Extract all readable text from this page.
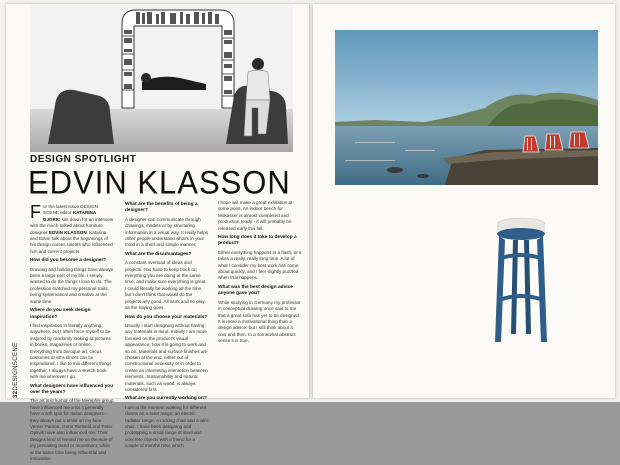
DESIGN SPOTLIGHT
EDVIN KLASSON

For the latest issue DESIGN SCENE editor KATARINA DJORIC sits down for an interview with the much talked about furniture designer EDVIN KLASSON. Katarina and Edvin talk about the beginnings of his design career, talents who influenced him and current projects.

How did you become a designer?

Drawing and building things have always been a large part of my life. I simply wanted to do the things I love to do. The profession matched my personal traits, being systematical and creative at the same time.

Where do you seek design inspiration?

I find inspiration in literally anything, anywhere, but I often force myself to be inspired by randomly looking at pictures in books, magazines or online. Everything from baroque art, circus costumes or 80's diners can be inspirational. I like to mix different things together. I always have a sketch book with me wherever I go.

What designers have influenced you over the years?

The art and humor of the Memphis group have influenced me a lot. I generally have a soft spot for Italian designers - they always put a smile on my face. Verner Panton, Gerrit Rietveld and Peter Opsvik have also influenced me. Their designs kind of remind me on the side of my prevailing trend or movement, while at the same time being influential and innovative.

What are the benefits of being a designer?

A designer can communicate through drawings, models or by structuring information in a visual way. It really helps other people understand what's in your mind in a short and simple manner.

What are the disadvantages?

A constant overload of ideas and projects. You have to keep track on everything you are doing at the same time, and make sure everything is great. I could literally be working all the time, but I don't think that would do the projects any good. All work and no play, as the saying goes.

How do you choose your materials?

Usually I start designing without having any materials in mind. Initially I am more focused on the product's visual appearance, how it is going to work and so on. Materials and surface finishes are chosen at the end, either out of constructional necessity or in order to create an interesting interaction between elements. Sustainability and natural materials, such as wood, is always considered first.

What are you currently working on?

I am at the moment working for different clients on a toilet range, an electric radiator range, a rocking chair and a wire chair. I have been designing and prototyping a small range of steel and concrete objects with a friend for a couple of months now, which

I hope will make a great exhibition at some point. An indoor bench for Mokasser is almost completed and production ready - it will probably be released early this fall.

How long does it take to develop a product?

Either everything happens in a flash, or it takes a really, really long time. A lot of what I consider my best work has come about quickly, and I feel slightly puzzled when that happens.

What was the best design advice anyone gave you?

While studying in Germany my professor in conceptual drawing once said to me that a great sofa has yet to be designed. It is more a motivational thing than a design advice, but I still think about it now and then. In a somewhat abstract sense it is true.

32DESIGNSCENE
